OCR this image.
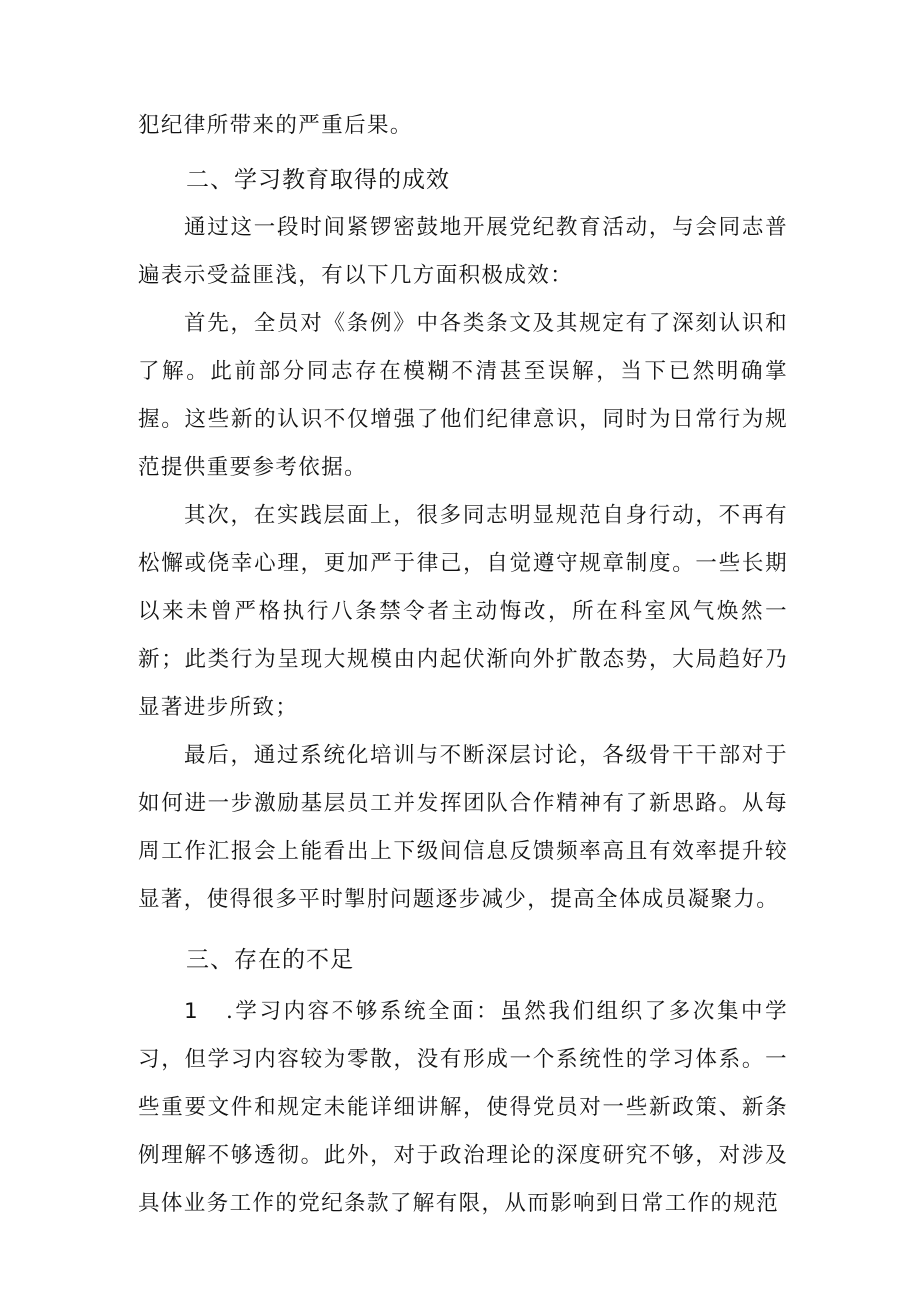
犯纪律所带来的严重后果。

二、学习教育取得的成效

通过这一段时间紧锣密鼓地开展党纪教育活动，与会同志普遍表示受益匪浅，有以下几方面积极成效：

首先，全员对《条例》中各类条文及其规定有了深刻认识和了解。此前部分同志存在模糊不清甚至误解，当下已然明确掌握。这些新的认识不仅增强了他们纪律意识，同时为日常行为规范提供重要参考依据。

其次，在实践层面上，很多同志明显规范自身行动，不再有松懈或侥幸心理，更加严于律己，自觉遵守规章制度。一些长期以来未曾严格执行八条禁令者主动悔改，所在科室风气焕然一新；此类行为呈现大规模由内起伏渐向外扩散态势，大局趋好乃显著进步所致；

最后，通过系统化培训与不断深层讨论，各级骨干干部对于如何进一步激励基层员工并发挥团队合作精神有了新思路。从每周工作汇报会上能看出上下级间信息反馈频率高且有效率提升较显著，使得很多平时掣肘问题逐步减少，提高全体成员凝聚力。

三、存在的不足

1 .学习内容不够系统全面：虽然我们组织了多次集中学习，但学习内容较为零散，没有形成一个系统性的学习体系。一些重要文件和规定未能详细讲解，使得党员对一些新政策、新条例理解不够透彻。此外，对于政治理论的深度研究不够，对涉及具体业务工作的党纪条款了解有限，从而影响到日常工作的规范
